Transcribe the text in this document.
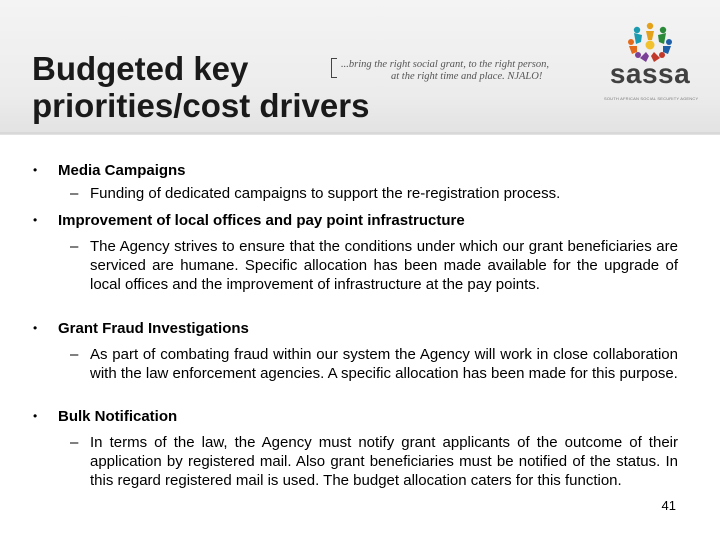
Budgeted key
priorities/cost drivers
...bring the right social grant, to the right person,
at the right time and place. NJALO!	sassa
SOUTH AFRICAN SOCIAL SECURITY AGENCY
• Media Campaigns
– Funding of dedicated campaigns to support the re-registration process.
• Improvement of local offices and pay point infrastructure
– The Agency strives to ensure that the conditions under which our grant beneficiaries are serviced are humane. Specific allocation has been made available for the upgrade of local offices and the improvement of infrastructure at the pay points.
• Grant Fraud Investigations
– As part of combating fraud within our system the Agency will work in close collaboration with the law enforcement agencies. A specific allocation has been made for this purpose.
• Bulk Notification
– In terms of the law, the Agency must notify grant applicants of the outcome of their application by registered mail. Also grant beneficiaries must be notified of the status. In this regard registered mail is used. The budget allocation caters for this function.
41
